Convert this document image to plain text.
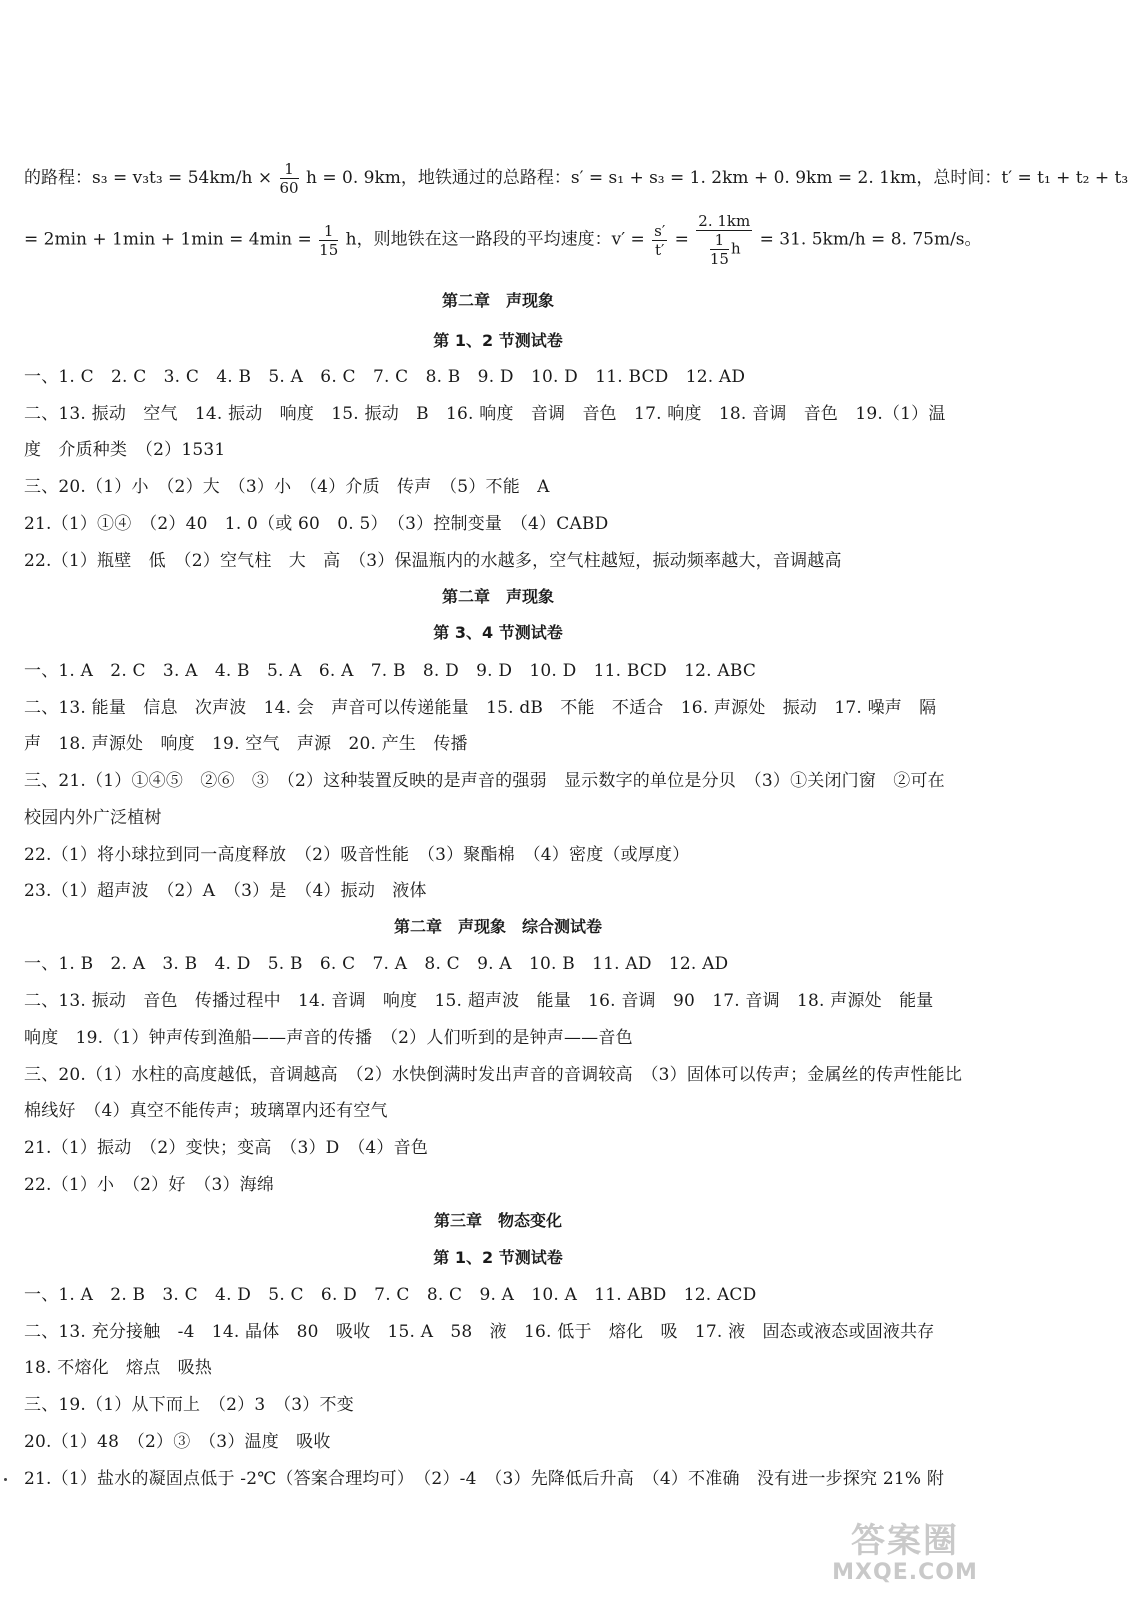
的路程：$s_3 = v_3t_3 = 54km/h \times \frac{1}{60}$ h = 0. 9km，地铁通过的总路程：s′ = s₁ + s₃ = 1. 2km + 0. 9km = 2. 1km，总时间：t′ = t₁ + t₂ + t₃
= $2\min + 1\min + 1\min = 4\min = \frac{1}{15}$ h，则地铁在这一路段的平均速度：$v' = \frac{s'}{t'} = \frac{2. 1km}{\frac{1}{15} h} = 31$. 5km/h = 8. 75m/s。
第二章　声现象
第 1、2 节测试卷
一、1. C　2. C　3. C　4. B　5. A　6. C　7. C　8. B　9. D　10. D　11. BCD　12. AD
二、13. 振动　空气　14. 振动　响度　15. 振动　B　16. 响度　音调　音色　17. 响度　18. 音调　音色　19.（1）温
度　介质种类　（2）1531
三、20.（1）小　（2）大　（3）小　（4）介质　传声　（5）不能　A
21.（1）①④　（2）40　1. 0（或 60　0. 5）　（3）控制变量　（4）CABD
22.（1）瓶壁　低　（2）空气柱　大　高　（3）保温瓶内的水越多，空气柱越短，振动频率越大，音调越高
第二章　声现象
第 3、4 节测试卷
一、1. A　2. C　3. A　4. B　5. A　6. A　7. B　8. D　9. D　10. D　11. BCD　12. ABC
二、13. 能量　信息　次声波　14. 会　声音可以传递能量　15. dB　不能　不适合　16. 声源处　振动　17. 噪声　隔
声　18. 声源处　响度　19. 空气　声源　20. 产生　传播
三、21.（1）①④⑤　②⑥　③　（2）这种装置反映的是声音的强弱　显示数字的单位是分贝　（3）①关闭门窗　②可在
校园内外广泛植树
22.（1）将小球拉到同一高度释放　（2）吸音性能　（3）聚酯棉　（4）密度（或厚度）
23.（1）超声波　（2）A　（3）是　（4）振动　液体
第二章　声现象　综合测试卷
一、1. B　2. A　3. B　4. D　5. B　6. C　7. A　8. C　9. A　10. B　11. AD　12. AD
二、13. 振动　音色　传播过程中　14. 音调　响度　15. 超声波　能量　16. 音调　90　17. 音调　18. 声源处　能量
响度　19.（1）钟声传到渔船——声音的传播　（2）人们听到的是钟声——音色
三、20.（1）水柱的高度越低，音调越高　（2）水快倒满时发出声音的音调较高　（3）固体可以传声；金属丝的传声性能比
棉线好　（4）真空不能传声；玻璃罩内还有空气
21.（1）振动　（2）变快；变高　（3）D　（4）音色
22.（1）小　（2）好　（3）海绵
第三章　物态变化
第 1、2 节测试卷
一、1. A　2. B　3. C　4. D　5. C　6. D　7. C　8. C　9. A　10. A　11. ABD　12. ACD
二、13. 充分接触　-4　14. 晶体　80　吸收　15. A　58　液　16. 低于　熔化　吸　17. 液　固态或液态或固液共存
18. 不熔化　熔点　吸热
三、19.（1）从下而上　（2）3　（3）不变
20.（1）48　（2）③　（3）温度　吸收
21.（1）盐水的凝固点低于 -2℃（答案合理均可）　（2）-4　（3）先降低后升高　（4）不准确　没有进一步探究 21% 附
答案圈
MXQE.COM
